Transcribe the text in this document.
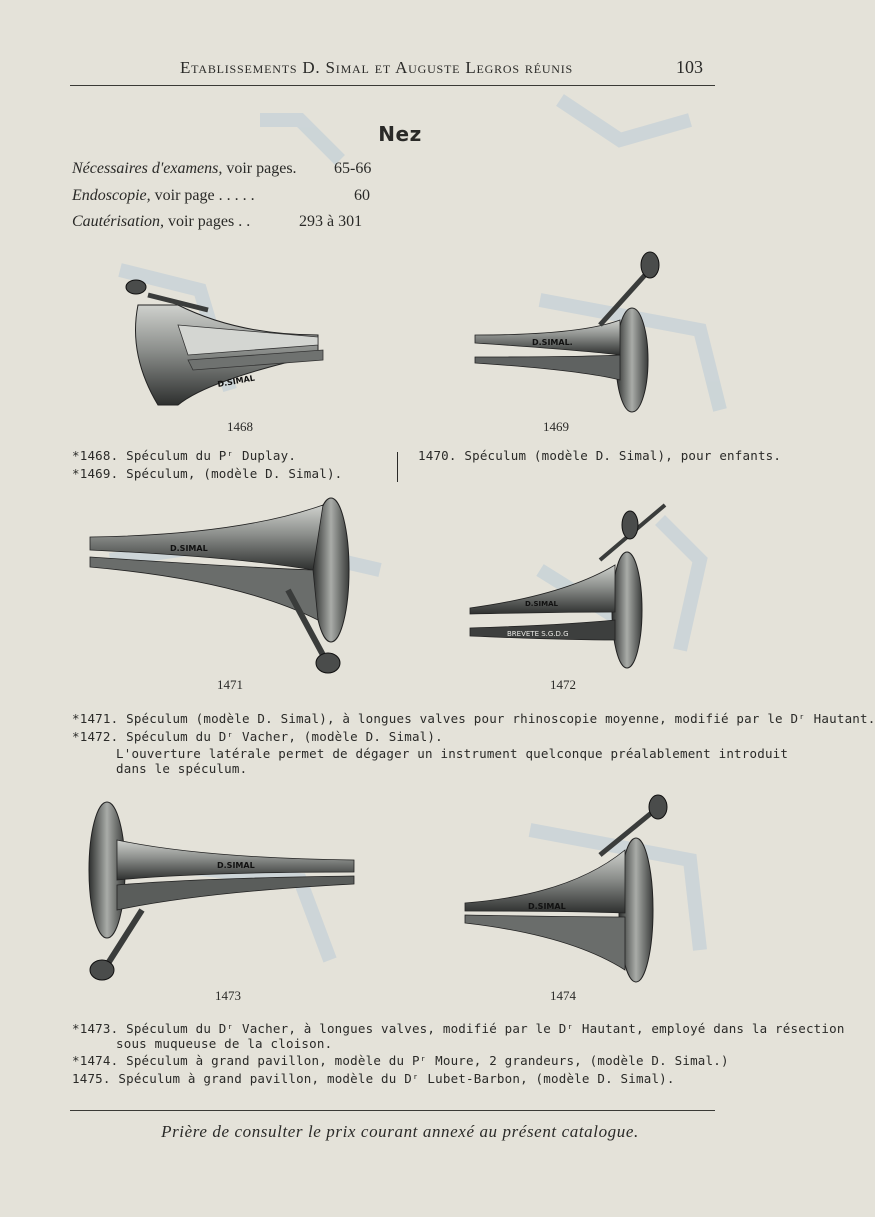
Etablissements D. Simal et Auguste Legros réunis	103
Nez
Nécessaires d'examens, voir pages. 65-66
Endoscopie, voir page . . . . .	60
Cautérisation, voir pages . .	293 à 301
D.SIMAL
1468
D.SIMAL.
1469
*1468. Spéculum du Pʳ Duplay.
*1469. Spéculum, (modèle D. Simal).
1470. Spéculum (modèle D. Simal), pour enfants.
D.SIMAL
1471
D.SIMAL
BREVETE S.G.D.G
1472
*1471. Spéculum (modèle D. Simal), à longues valves pour rhinoscopie moyenne, modifié par le Dʳ Hautant.
*1472. Spéculum du Dʳ Vacher, (modèle D. Simal).
L'ouverture latérale permet de dégager un instrument quelconque préalablement introduit
dans le spéculum.
D.SIMAL
1473
D.SIMAL
1474
*1473. Spéculum du Dʳ Vacher, à longues valves, modifié par le Dʳ Hautant, employé dans la résection
sous muqueuse de la cloison.
*1474. Spéculum à grand pavillon, modèle du Pʳ Moure, 2 grandeurs, (modèle D. Simal.)
1475. Spéculum à grand pavillon, modèle du Dʳ Lubet-Barbon, (modèle D. Simal).
Prière de consulter le prix courant annexé au présent catalogue.
